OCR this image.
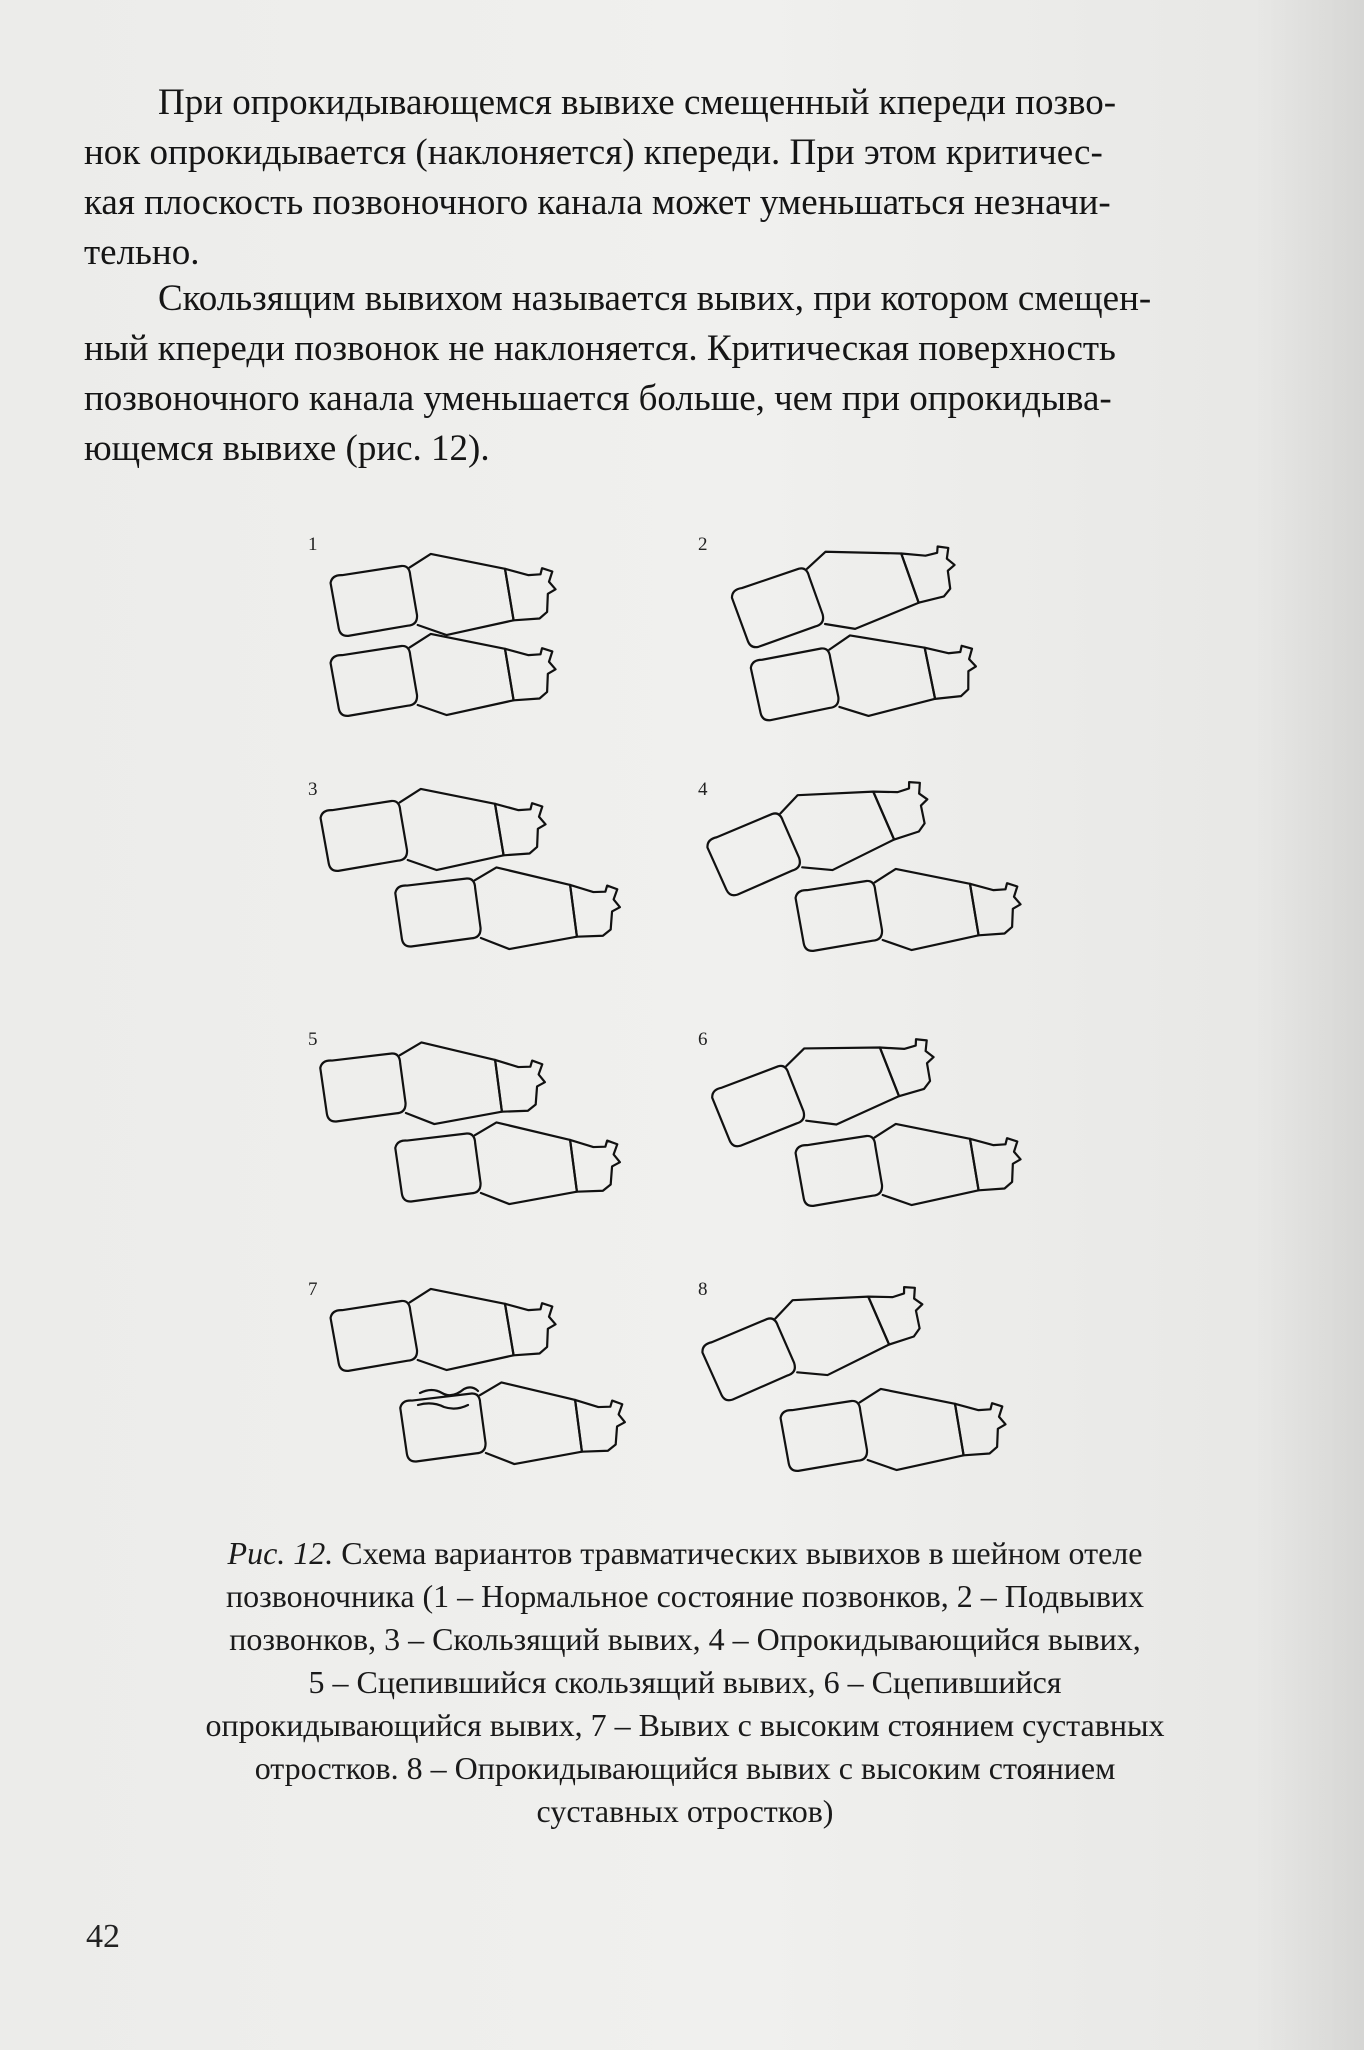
При опрокидывающемся вывихе смещенный кпереди позво-
нок опрокидывается (наклоняется) кпереди. При этом критичес-
кая плоскость позвоночного канала может уменьшаться незначи-
тельно.

Скользящим вывихом называется вывих, при котором смещен-
ный кпереди позвонок не наклоняется. Критическая поверхность
позвоночного канала уменьшается больше, чем при опрокидыва-
ющемся вывихе (рис. 12).

1	2
3	4
5	6
7	8

Рис. 12. Схема вариантов травматических вывихов в шейном отеле
позвоночника (1 – Нормальное состояние позвонков, 2 – Подвывих
позвонков, 3 – Скользящий вывих, 4 – Опрокидывающийся вывих,
5 – Сцепившийся скользящий вывих, 6 – Сцепившийся
опрокидывающийся вывих, 7 – Вывих с высоким стоянием суставных
отростков. 8 – Опрокидывающийся вывих с высоким стоянием
суставных отростков)

42
